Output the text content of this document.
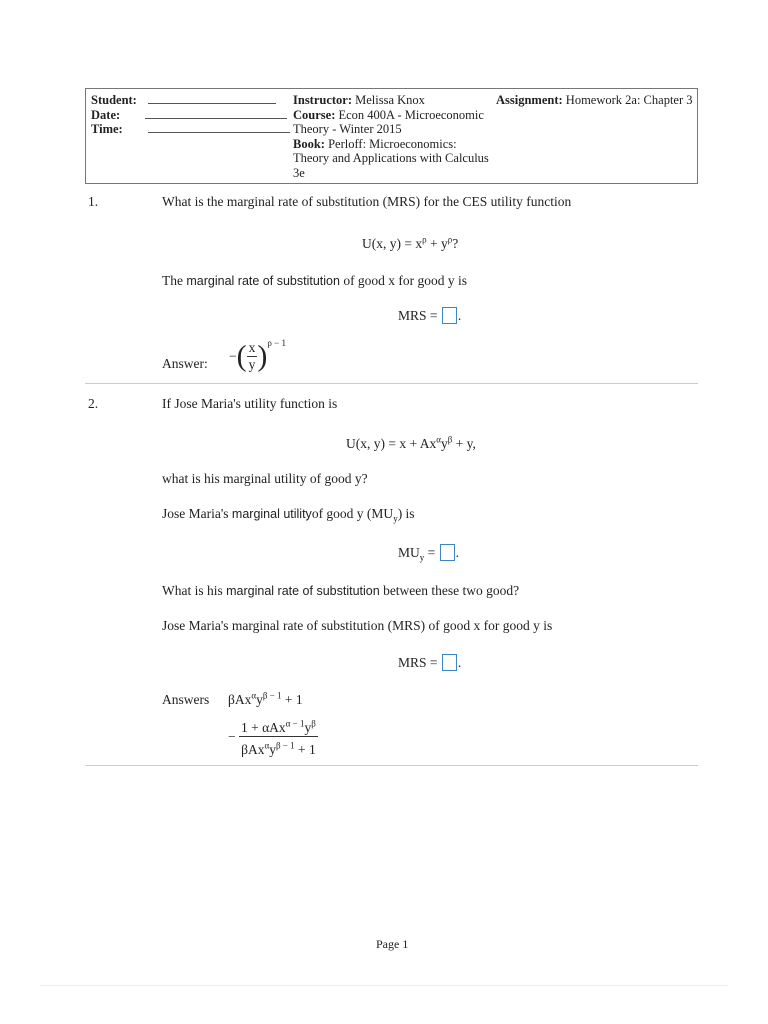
Student:
Date:
Time:
Instructor: Melissa Knox
Course: Econ 400A - Microeconomic
Theory - Winter 2015
Book: Perloff: Microeconomics:
Theory and Applications with Calculus
3e
Assignment: Homework 2a: Chapter 3
1.	What is the marginal rate of substitution (MRS) for the CES utility function
U(x, $y) = x^\rho + y^\rho$?
The marginal rate of substitution of good x for good y is
MRS = .
Answer: −( $\frac{x}{y} )^{\rho - 1}$
2.	If Jose Maria's utility function is
U(x, $y) = x + Ax^\alpha y^\beta + y$,
what is his marginal utility of good y?
Jose Maria's marginal utilityof good y $(MU_y)$ is
$MU_y$ = .
What is his marginal rate of substitution between these two good?
Jose Maria's marginal rate of substitution (MRS) of good x for good y is
MRS = .
Answers $\beta Ax^\alpha y^{\beta - 1} + 1$
− $\frac{1 + \alpha Ax^{\alpha - 1}y^\beta}{\beta Ax^\alpha y^{\beta - 1} + 1}$
Page 1
